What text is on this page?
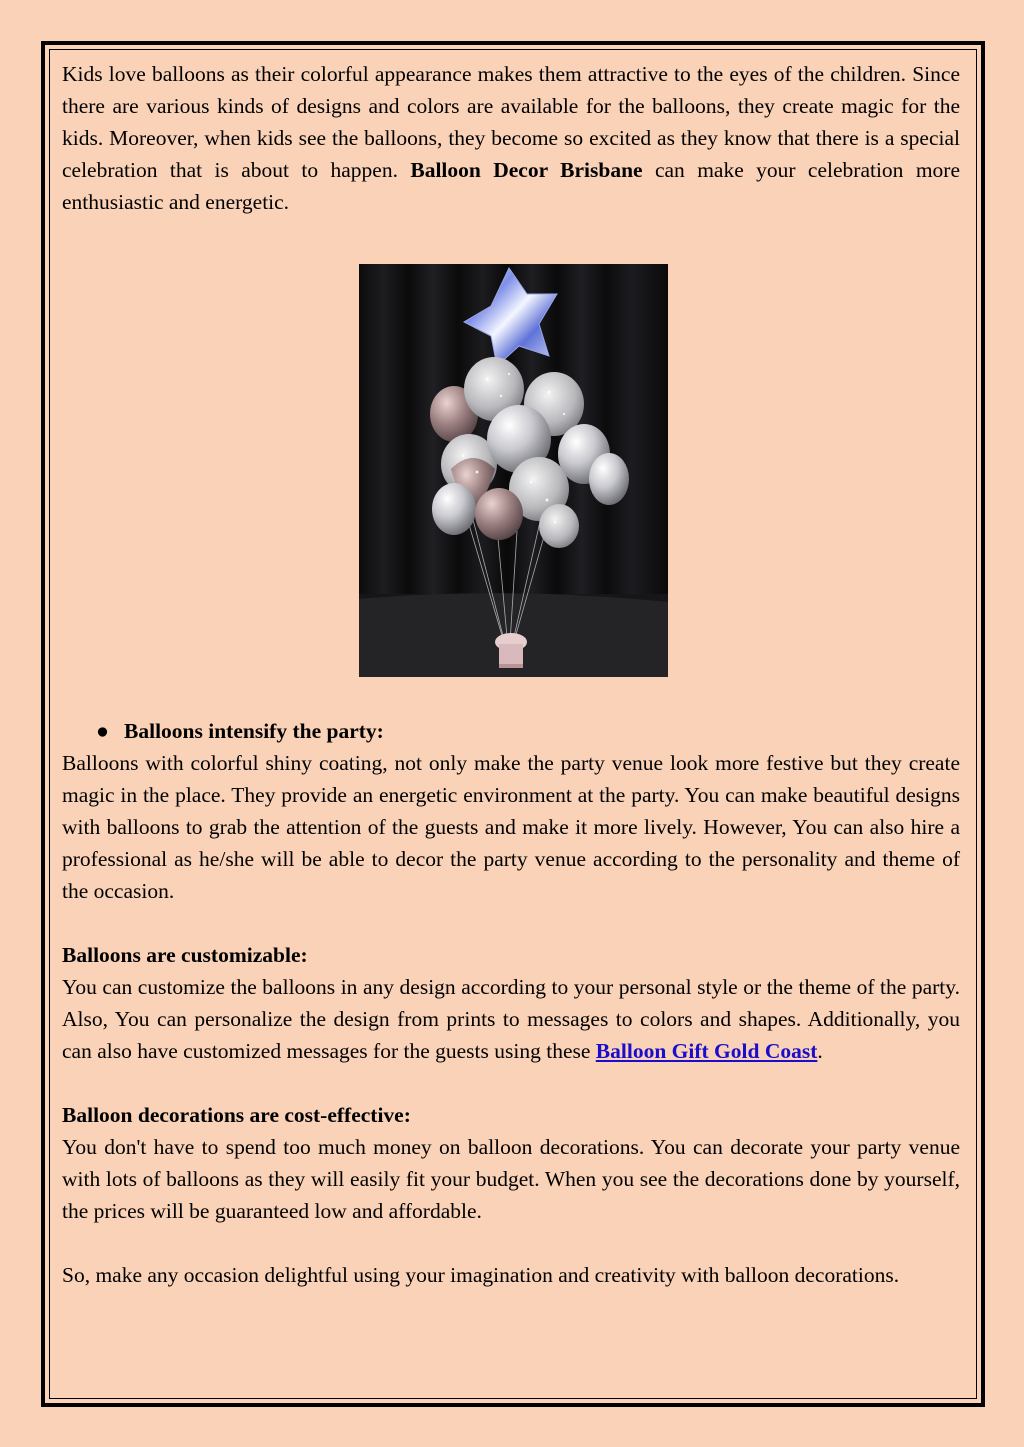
Kids love balloons as their colorful appearance makes them attractive to the eyes of the children. Since there are various kinds of designs and colors are available for the balloons, they create magic for the kids. Moreover, when kids see the balloons, they become so excited as they know that there is a special celebration that is about to happen. Balloon Decor Brisbane can make your celebration more enthusiastic and energetic.

● Balloons intensify the party:

Balloons with colorful shiny coating, not only make the party venue look more festive but they create magic in the place. They provide an energetic environment at the party. You can make beautiful designs with balloons to grab the attention of the guests and make it more lively. However, You can also hire a professional as he/she will be able to decor the party venue according to the personality and theme of the occasion.

Balloons are customizable:

You can customize the balloons in any design according to your personal style or the theme of the party. Also, You can personalize the design from prints to messages to colors and shapes. Additionally, you can also have customized messages for the guests using these Balloon Gift Gold Coast.

Balloon decorations are cost-effective:

You don't have to spend too much money on balloon decorations. You can decorate your party venue with lots of balloons as they will easily fit your budget. When you see the decorations done by yourself, the prices will be guaranteed low and affordable.

So, make any occasion delightful using your imagination and creativity with balloon decorations.
